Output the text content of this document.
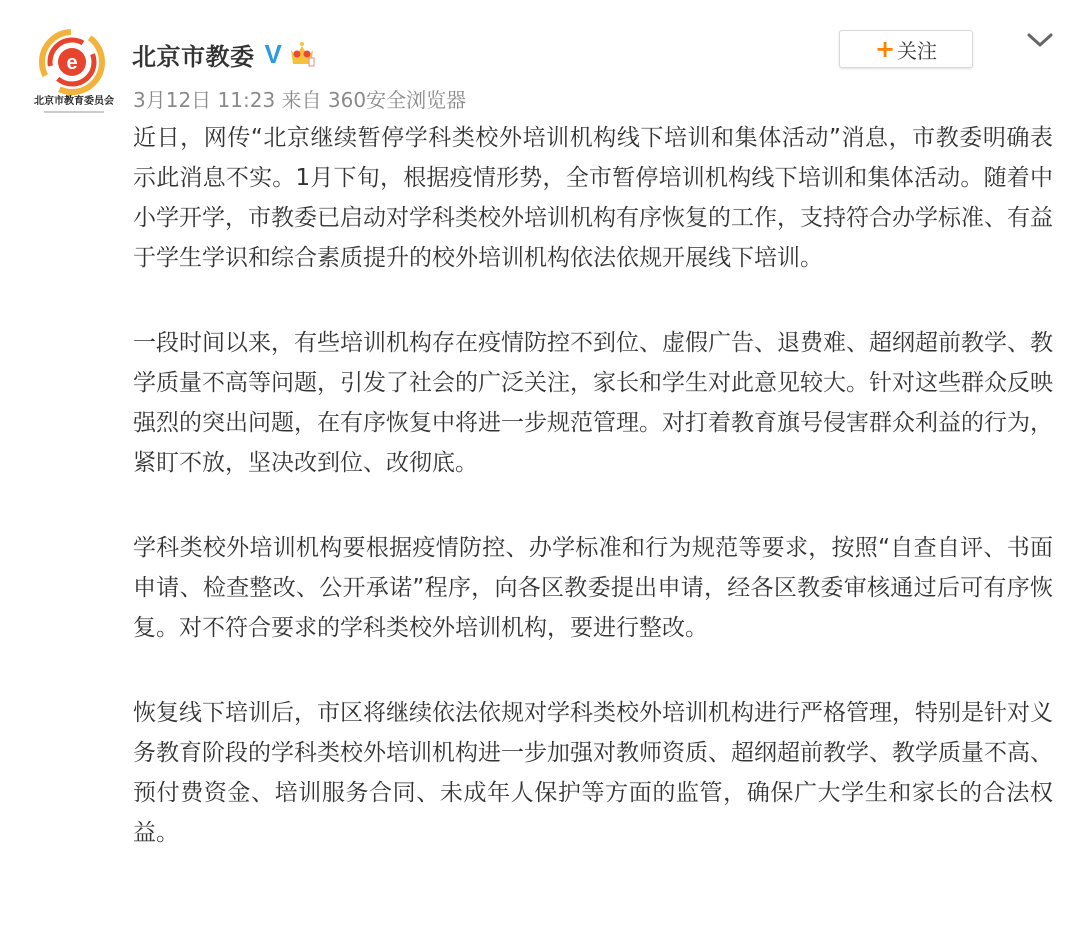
e
北京市教育委员会
北京市教委 V
3月12日 11:23 来自 360安全浏览器
+ 关注

近日，网传“北京继续暂停学科类校外培训机构线下培训和集体活动”消息，市教委明确表示此消息不实。1月下旬，根据疫情形势，全市暂停培训机构线下培训和集体活动。随着中小学开学，市教委已启动对学科类校外培训机构有序恢复的工作，支持符合办学标准、有益于学生学识和综合素质提升的校外培训机构依法依规开展线下培训。

一段时间以来，有些培训机构存在疫情防控不到位、虚假广告、退费难、超纲超前教学、教学质量不高等问题，引发了社会的广泛关注，家长和学生对此意见较大。针对这些群众反映强烈的突出问题，在有序恢复中将进一步规范管理。对打着教育旗号侵害群众利益的行为，紧盯不放，坚决改到位、改彻底。

学科类校外培训机构要根据疫情防控、办学标准和行为规范等要求，按照“自查自评、书面申请、检查整改、公开承诺”程序，向各区教委提出申请，经各区教委审核通过后可有序恢复。对不符合要求的学科类校外培训机构，要进行整改。

恢复线下培训后，市区将继续依法依规对学科类校外培训机构进行严格管理，特别是针对义务教育阶段的学科类校外培训机构进一步加强对教师资质、超纲超前教学、教学质量不高、预付费资金、培训服务合同、未成年人保护等方面的监管，确保广大学生和家长的合法权益。
